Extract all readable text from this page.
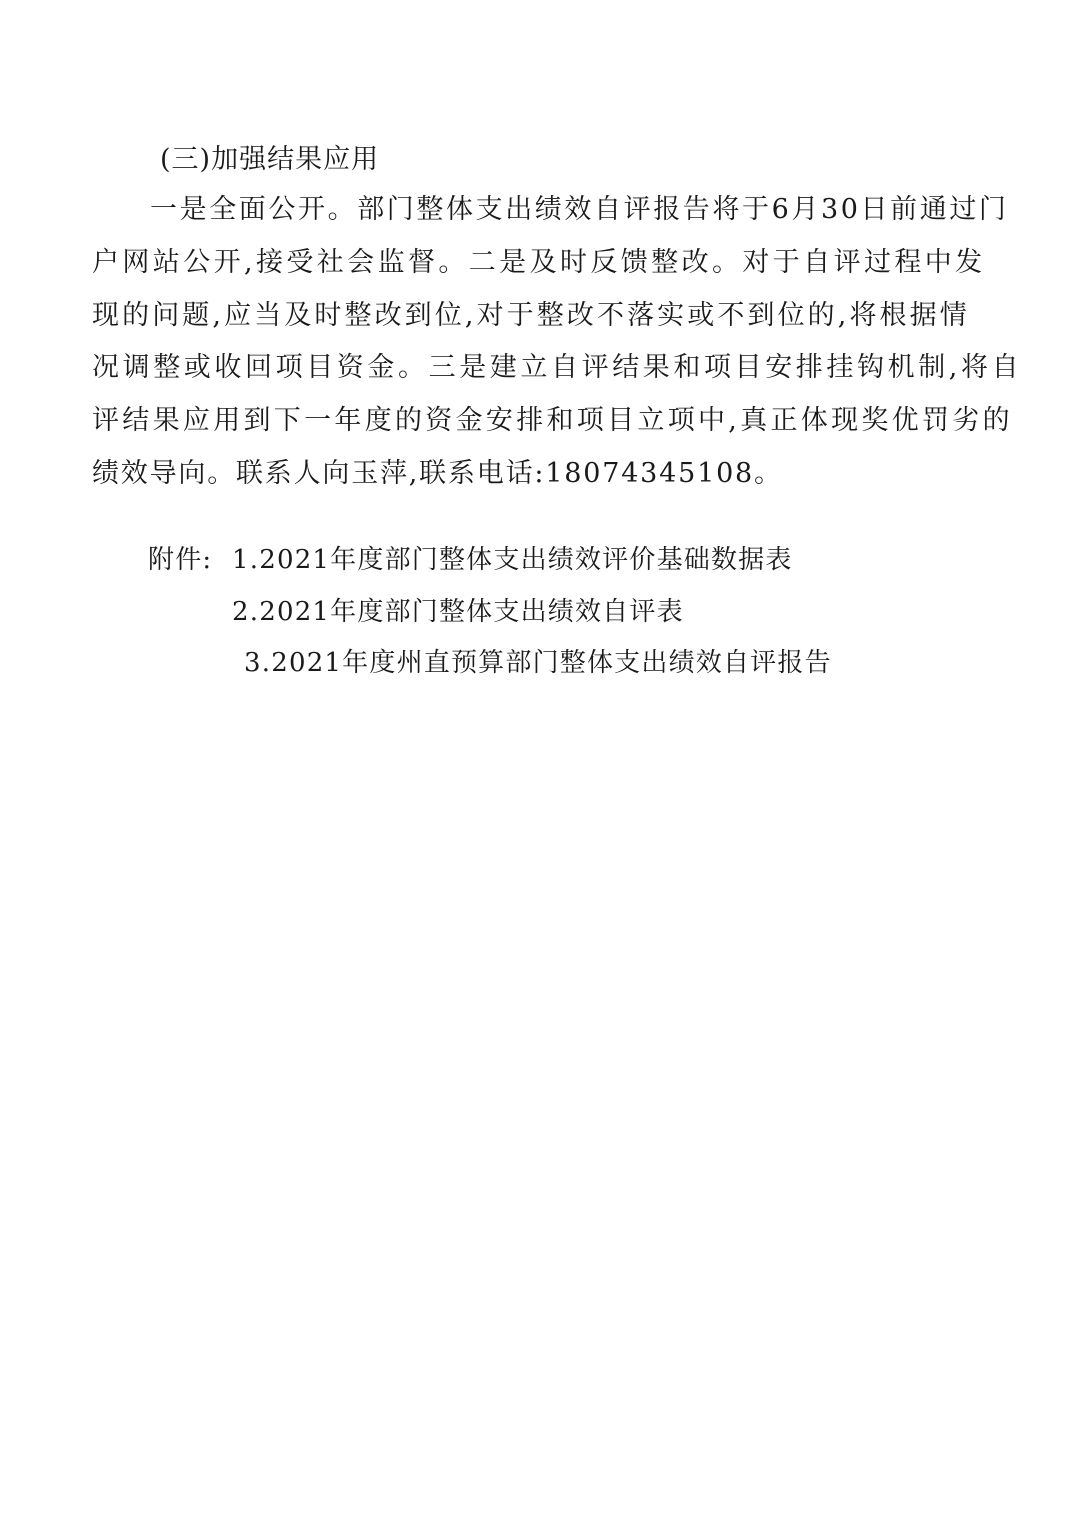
(三)加强结果应用
一是全面公开。部门整体支出绩效自评报告将于6月30日前通过门
户网站公开,接受社会监督。二是及时反馈整改。对于自评过程中发
现的问题,应当及时整改到位,对于整改不落实或不到位的,将根据情
况调整或收回项目资金。三是建立自评结果和项目安排挂钩机制,将自
评结果应用到下一年度的资金安排和项目立项中,真正体现奖优罚劣的
绩效导向。联系人向玉萍,联系电话:18074345108。
附件: 1.2021年度部门整体支出绩效评价基础数据表
2.2021年度部门整体支出绩效自评表
3.2021年度州直预算部门整体支出绩效自评报告
